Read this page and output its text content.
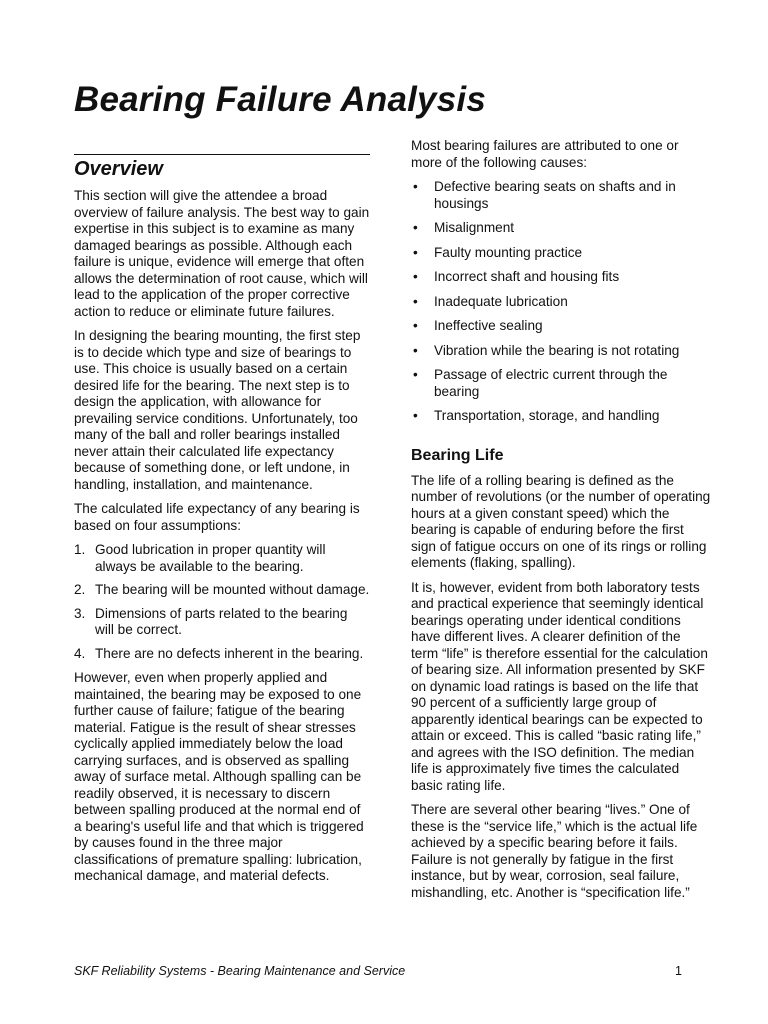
Bearing Failure Analysis
Overview

This section will give the attendee a broad overview of failure analysis. The best way to gain expertise in this subject is to examine as many damaged bearings as possible. Although each failure is unique, evidence will emerge that often allows the determination of root cause, which will lead to the application of the proper corrective action to reduce or eliminate future failures.

In designing the bearing mounting, the first step is to decide which type and size of bearings to use. This choice is usually based on a certain desired life for the bearing. The next step is to design the application, with allowance for prevailing service conditions. Unfortunately, too many of the ball and roller bearings installed never attain their calculated life expectancy because of something done, or left undone, in handling, installation, and maintenance.

The calculated life expectancy of any bearing is based on four assumptions:

1. Good lubrication in proper quantity will always be available to the bearing.
2. The bearing will be mounted without damage.
3. Dimensions of parts related to the bearing will be correct.
4. There are no defects inherent in the bearing.

However, even when properly applied and maintained, the bearing may be exposed to one further cause of failure; fatigue of the bearing material. Fatigue is the result of shear stresses cyclically applied immediately below the load carrying surfaces, and is observed as spalling away of surface metal. Although spalling can be readily observed, it is necessary to discern between spalling produced at the normal end of a bearing's useful life and that which is triggered by causes found in the three major classifications of premature spalling: lubrication, mechanical damage, and material defects.

Most bearing failures are attributed to one or more of the following causes:

• Defective bearing seats on shafts and in housings
• Misalignment
• Faulty mounting practice
• Incorrect shaft and housing fits
• Inadequate lubrication
• Ineffective sealing
• Vibration while the bearing is not rotating
• Passage of electric current through the bearing
• Transportation, storage, and handling
Bearing Life

The life of a rolling bearing is defined as the number of revolutions (or the number of operating hours at a given constant speed) which the bearing is capable of enduring before the first sign of fatigue occurs on one of its rings or rolling elements (flaking, spalling).

It is, however, evident from both laboratory tests and practical experience that seemingly identical bearings operating under identical conditions have different lives. A clearer definition of the term “life” is therefore essential for the calculation of bearing size. All information presented by SKF on dynamic load ratings is based on the life that 90 percent of a sufficiently large group of apparently identical bearings can be expected to attain or exceed. This is called “basic rating life,” and agrees with the ISO definition. The median life is approximately five times the calculated basic rating life.

There are several other bearing “lives.” One of these is the “service life,” which is the actual life achieved by a specific bearing before it fails. Failure is not generally by fatigue in the first instance, but by wear, corrosion, seal failure, mishandling, etc. Another is “specification life.”

SKF Reliability Systems - Bearing Maintenance and Service	1
